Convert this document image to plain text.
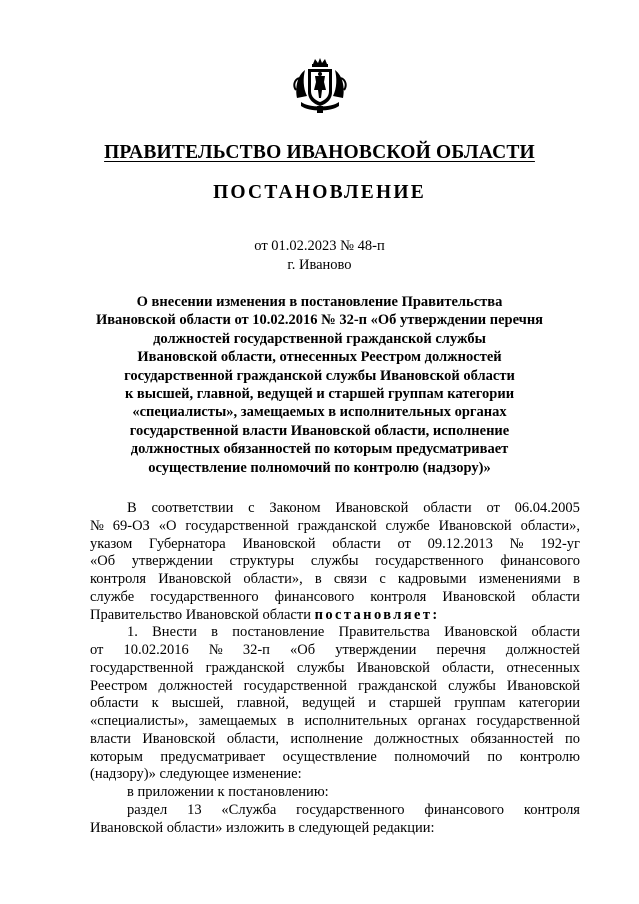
ПРАВИТЕЛЬСТВО ИВАНОВСКОЙ ОБЛАСТИ
ПОСТАНОВЛЕНИЕ
от 01.02.2023 № 48-п
г. Иваново
О внесении изменения в постановление Правительства
Ивановской области от 10.02.2016 № 32-п «Об утверждении перечня
должностей государственной гражданской службы
Ивановской области, отнесенных Реестром должностей
государственной гражданской службы Ивановской области
к высшей, главной, ведущей и старшей группам категории
«специалисты», замещаемых в исполнительных органах
государственной власти Ивановской области, исполнение
должностных обязанностей по которым предусматривает
осуществление полномочий по контролю (надзору)»
В соответствии с Законом Ивановской области от 06.04.2005
№ 69-ОЗ «О государственной гражданской службе Ивановской области»,
указом Губернатора Ивановской области от 09.12.2013 № 192-уг
«Об утверждении структуры службы государственного финансового
контроля Ивановской области», в связи с кадровыми изменениями в
службе государственного финансового контроля Ивановской области
Правительство Ивановской области постановляет:
1. Внести в постановление Правительства Ивановской области
от 10.02.2016 № 32-п «Об утверждении перечня должностей
государственной гражданской службы Ивановской области, отнесенных
Реестром должностей государственной гражданской службы Ивановской
области к высшей, главной, ведущей и старшей группам категории
«специалисты», замещаемых в исполнительных органах государственной
власти Ивановской области, исполнение должностных обязанностей по
которым предусматривает осуществление полномочий по контролю
(надзору)» следующее изменение:
в приложении к постановлению:
раздел 13 «Служба государственного финансового контроля
Ивановской области» изложить в следующей редакции:
